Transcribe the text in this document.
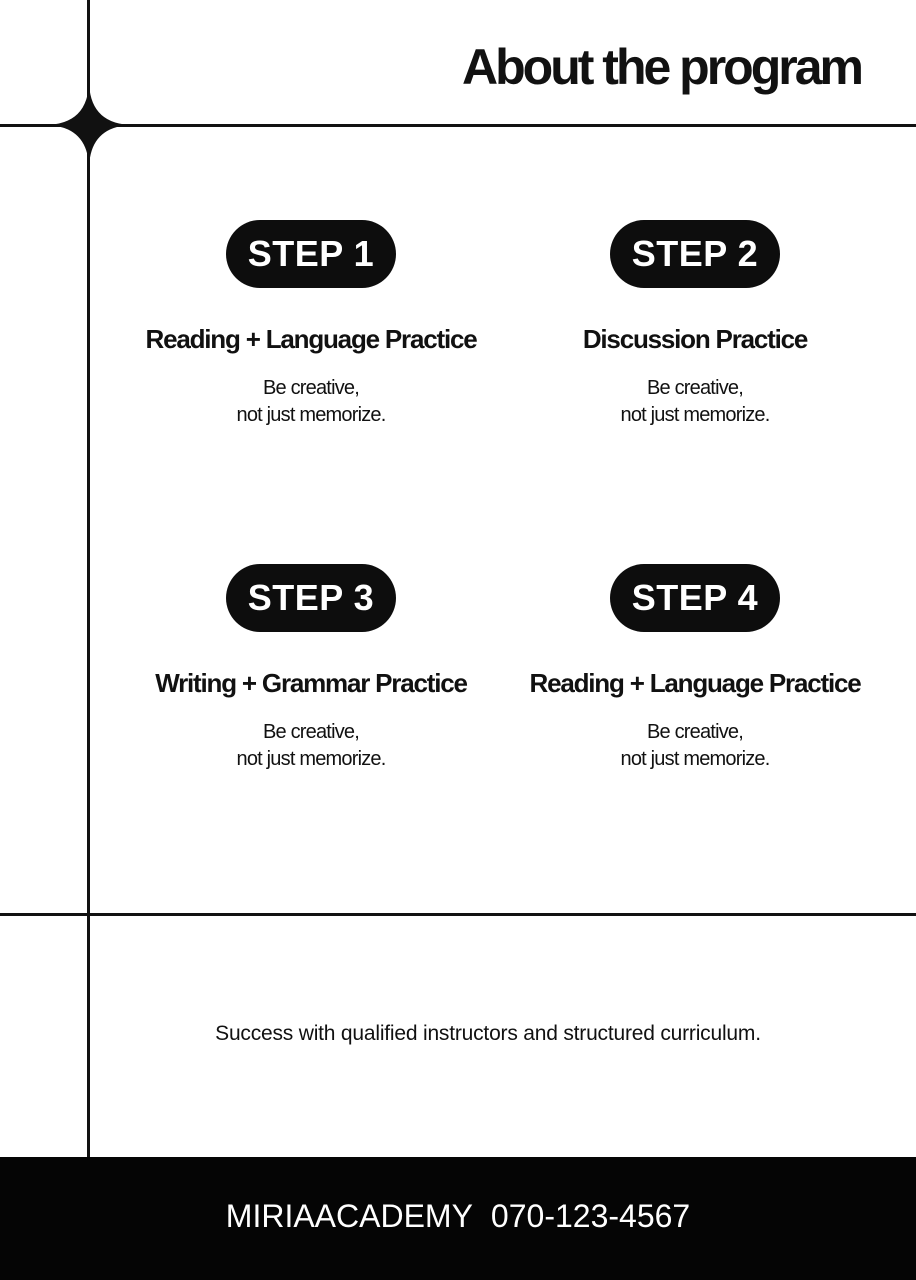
About the program
STEP 1
Reading + Language Practice
Be creative,
not just memorize.
STEP 2
Discussion Practice
Be creative,
not just memorize.
STEP 3
Writing + Grammar Practice
Be creative,
not just memorize.
STEP 4
Reading + Language Practice
Be creative,
not just memorize.
Success with qualified instructors and structured curriculum.
MIRIAACADEMY 070-123-4567
